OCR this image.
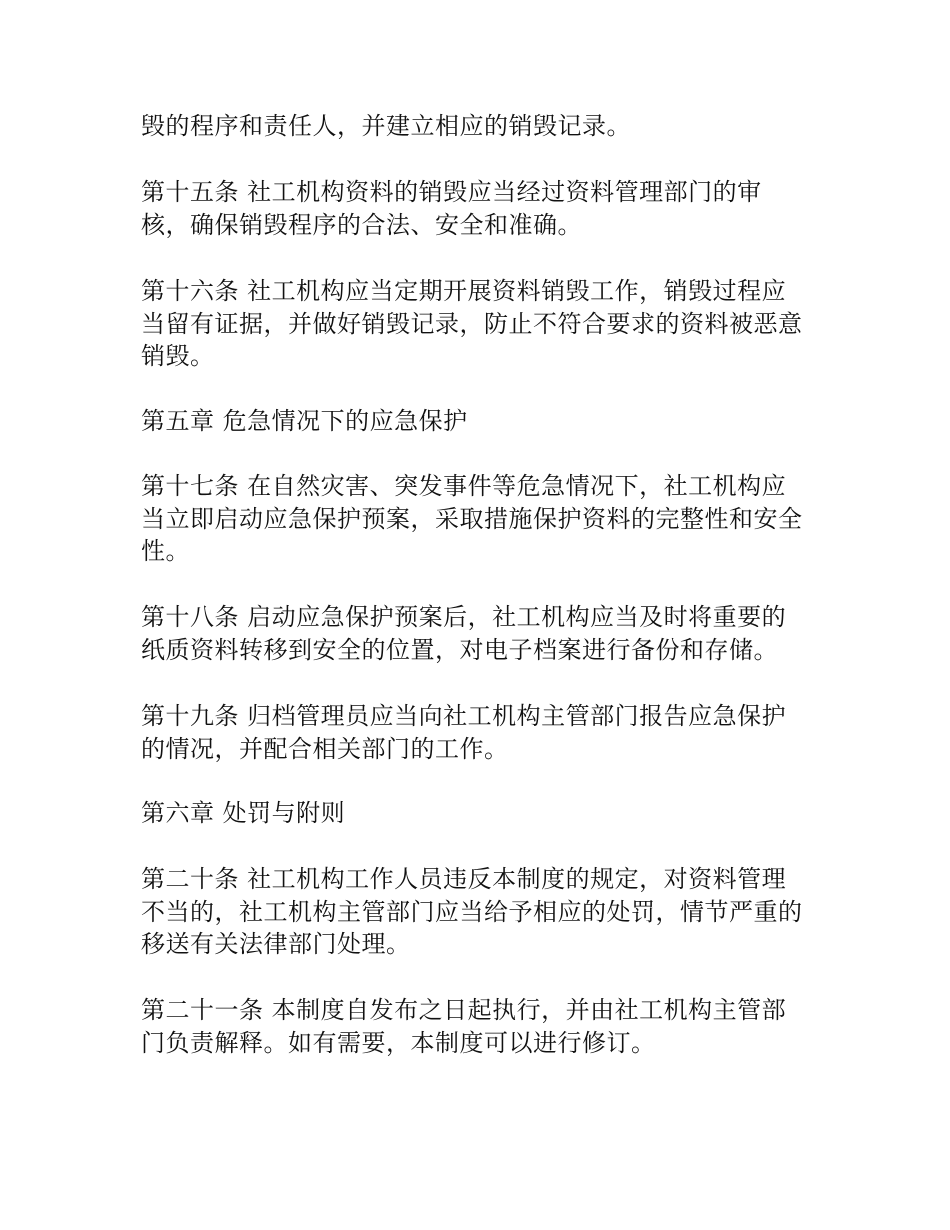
毁的程序和责任人，并建立相应的销毁记录。
第十五条 社工机构资料的销毁应当经过资料管理部门的审
核，确保销毁程序的合法、安全和准确。
第十六条 社工机构应当定期开展资料销毁工作，销毁过程应
当留有证据，并做好销毁记录，防止不符合要求的资料被恶意
销毁。
第五章 危急情况下的应急保护
第十七条 在自然灾害、突发事件等危急情况下，社工机构应
当立即启动应急保护预案，采取措施保护资料的完整性和安全
性。
第十八条 启动应急保护预案后，社工机构应当及时将重要的
纸质资料转移到安全的位置，对电子档案进行备份和存储。
第十九条 归档管理员应当向社工机构主管部门报告应急保护
的情况，并配合相关部门的工作。
第六章 处罚与附则
第二十条 社工机构工作人员违反本制度的规定，对资料管理
不当的，社工机构主管部门应当给予相应的处罚，情节严重的
移送有关法律部门处理。
第二十一条 本制度自发布之日起执行，并由社工机构主管部
门负责解释。如有需要，本制度可以进行修订。
